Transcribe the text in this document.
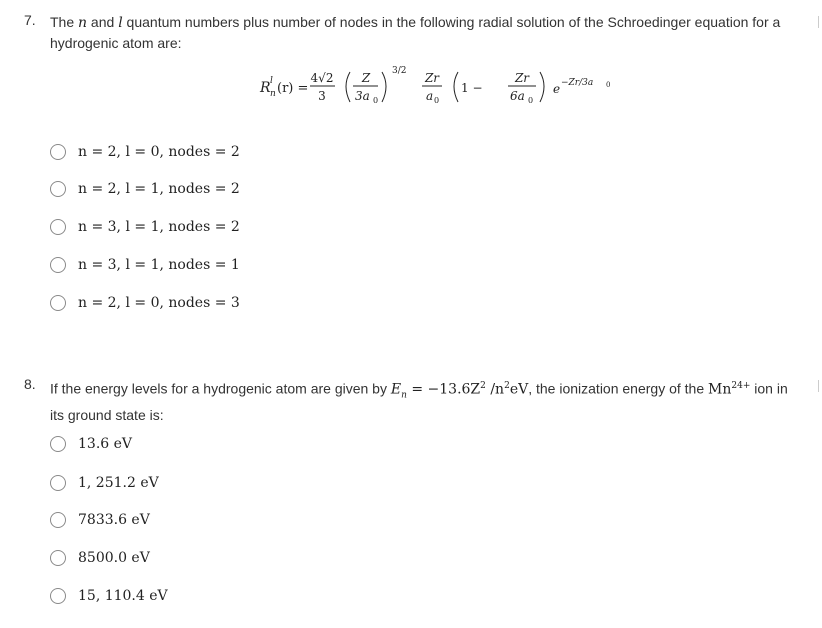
7. The n and l quantum numbers plus number of nodes in the following radial solution of the Schroedinger equation for a
hydrogenic atom are:
R l
n (r) =
4√2
3
Z
3a 0
3/2 Zr
a 0
1 −
Zr
6a 0
e −Zr/3a 0
n = 2, l = 0, nodes = 2
n = 2, l = 1, nodes = 2
n = 3, l = 1, nodes = 2
n = 3, l = 1, nodes = 1
n = 2, l = 0, nodes = 3
8. If the energy levels for a hydrogenic atom are given by $E_n = -13.6Z^2$ $/n^2eV$, the ionization energy of the $Mn^{24+}$ ion in
its ground state is:
13.6 eV
1, 251.2 eV
7833.6 eV
8500.0 eV
15, 110.4 eV
